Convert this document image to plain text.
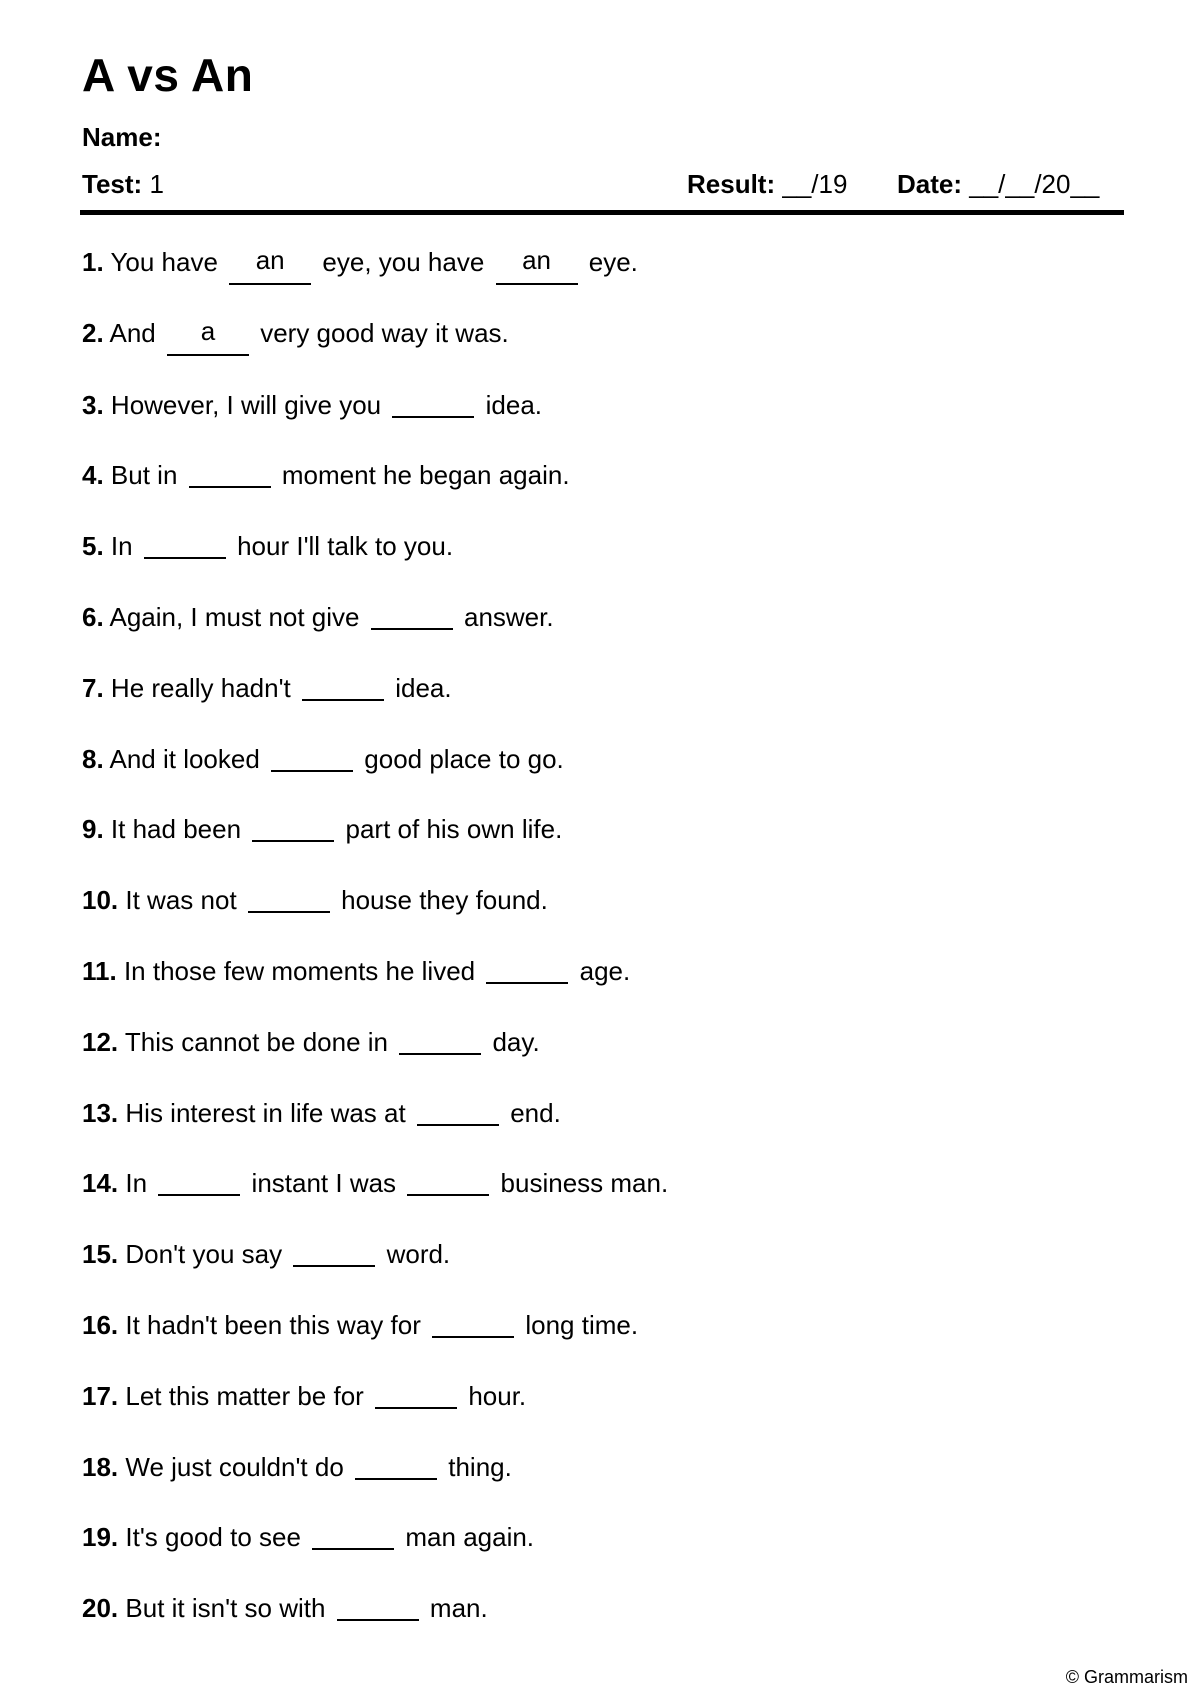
A vs An
Name:
Test: 1	Result: __/19 Date: __/__/20__
1. You have an eye, you have an eye.
2. And a very good way it was.
3. However, I will give you	idea.
4. But in	moment he began again.
5. In	hour I'll talk to you.
6. Again, I must not give	answer.
7. He really hadn't	idea.
8. And it looked	good place to go.
9. It had been	part of his own life.
10. It was not	house they found.
11. In those few moments he lived	age.
12. This cannot be done in	day.
13. His interest in life was at	end.
14. In	instant I was	business man.
15. Don't you say	word.
16. It hadn't been this way for	long time.
17. Let this matter be for	hour.
18. We just couldn't do	thing.
19. It's good to see	man again.
20. But it isn't so with	man.
© Grammarism
